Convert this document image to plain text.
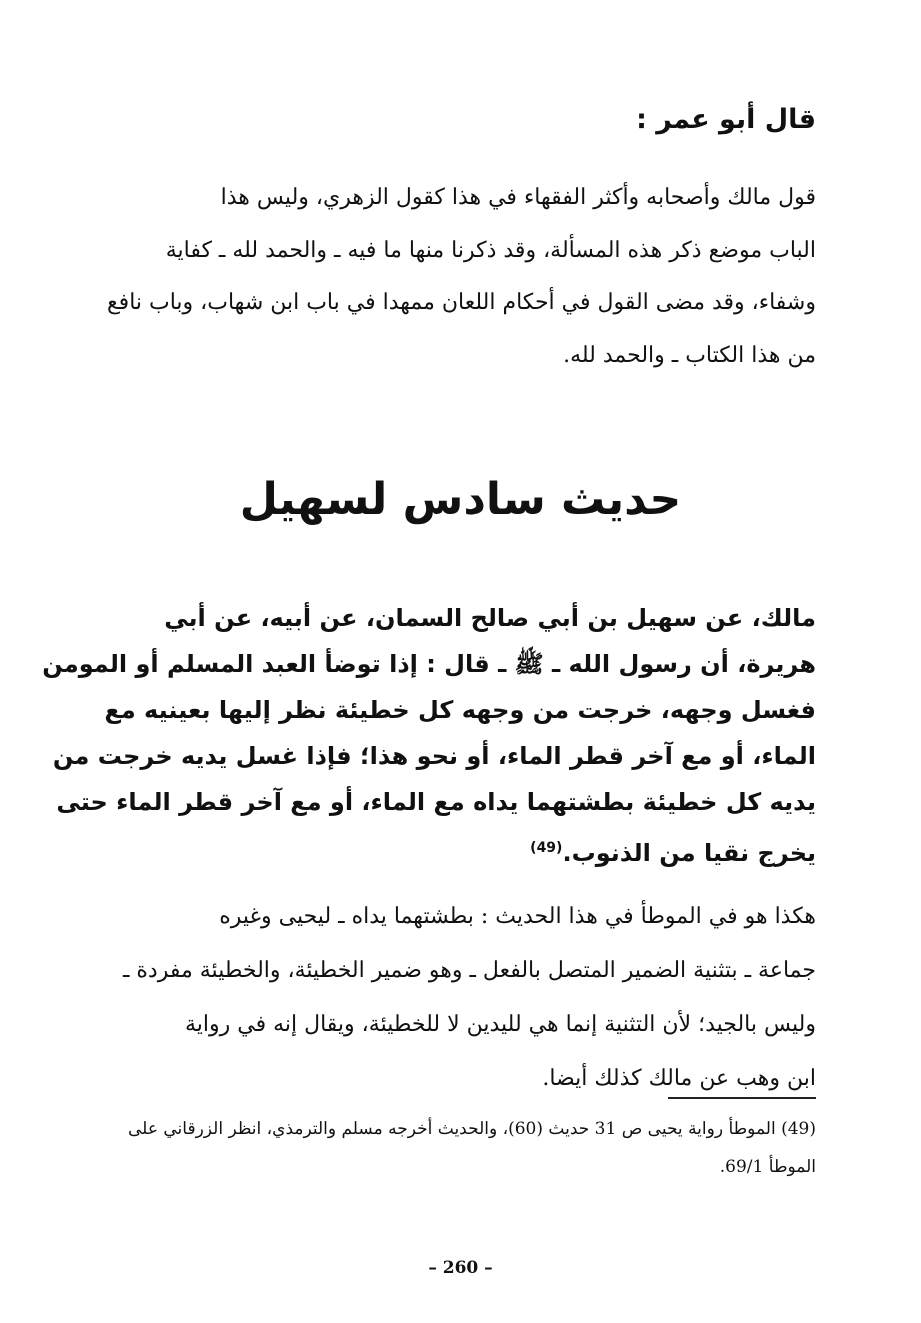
قال أبو عمر :
قول مالك وأصحابه وأكثر الفقهاء في هذا كقول الزهري، وليس هذا
الباب موضع ذكر هذه المسألة، وقد ذكرنا منها ما فيه ـ والحمد لله ـ كفاية
وشفاء، وقد مضى القول في أحكام اللعان ممهدا في باب ابن شهاب، وباب نافع
من هذا الكتاب ـ والحمد لله.
حديث سادس لسهيل
مالك، عن سهيل بن أبي صالح السمان، عن أبيه، عن أبي
هريرة، أن رسول الله ـ ﷺ ـ قال : إذا توضأ العبد المسلم أو المومن
فغسل وجهه، خرجت من وجهه كل خطيئة نظر إليها بعينيه مع
الماء، أو مع آخر قطر الماء، أو نحو هذا؛ فإذا غسل يديه خرجت من
يديه كل خطيئة بطشتهما يداه مع الماء، أو مع آخر قطر الماء حتى
يخرج نقيا من الذنوب.$^{(49)}$
هكذا هو في الموطأ في هذا الحديث : بطشتهما يداه ـ ليحيى وغيره
جماعة ـ بتثنية الضمير المتصل بالفعل ـ وهو ضمير الخطيئة، والخطيئة مفردة ـ
وليس بالجيد؛ لأن التثنية إنما هي لليدين لا للخطيئة، ويقال إنه في رواية
ابن وهب عن مالك كذلك أيضا.
(49) الموطأ رواية يحيى ص 31 حديث (60)، والحديث أخرجه مسلم والترمذي، انظر الزرقاني على
الموطأ 69/1.
– 260 –
